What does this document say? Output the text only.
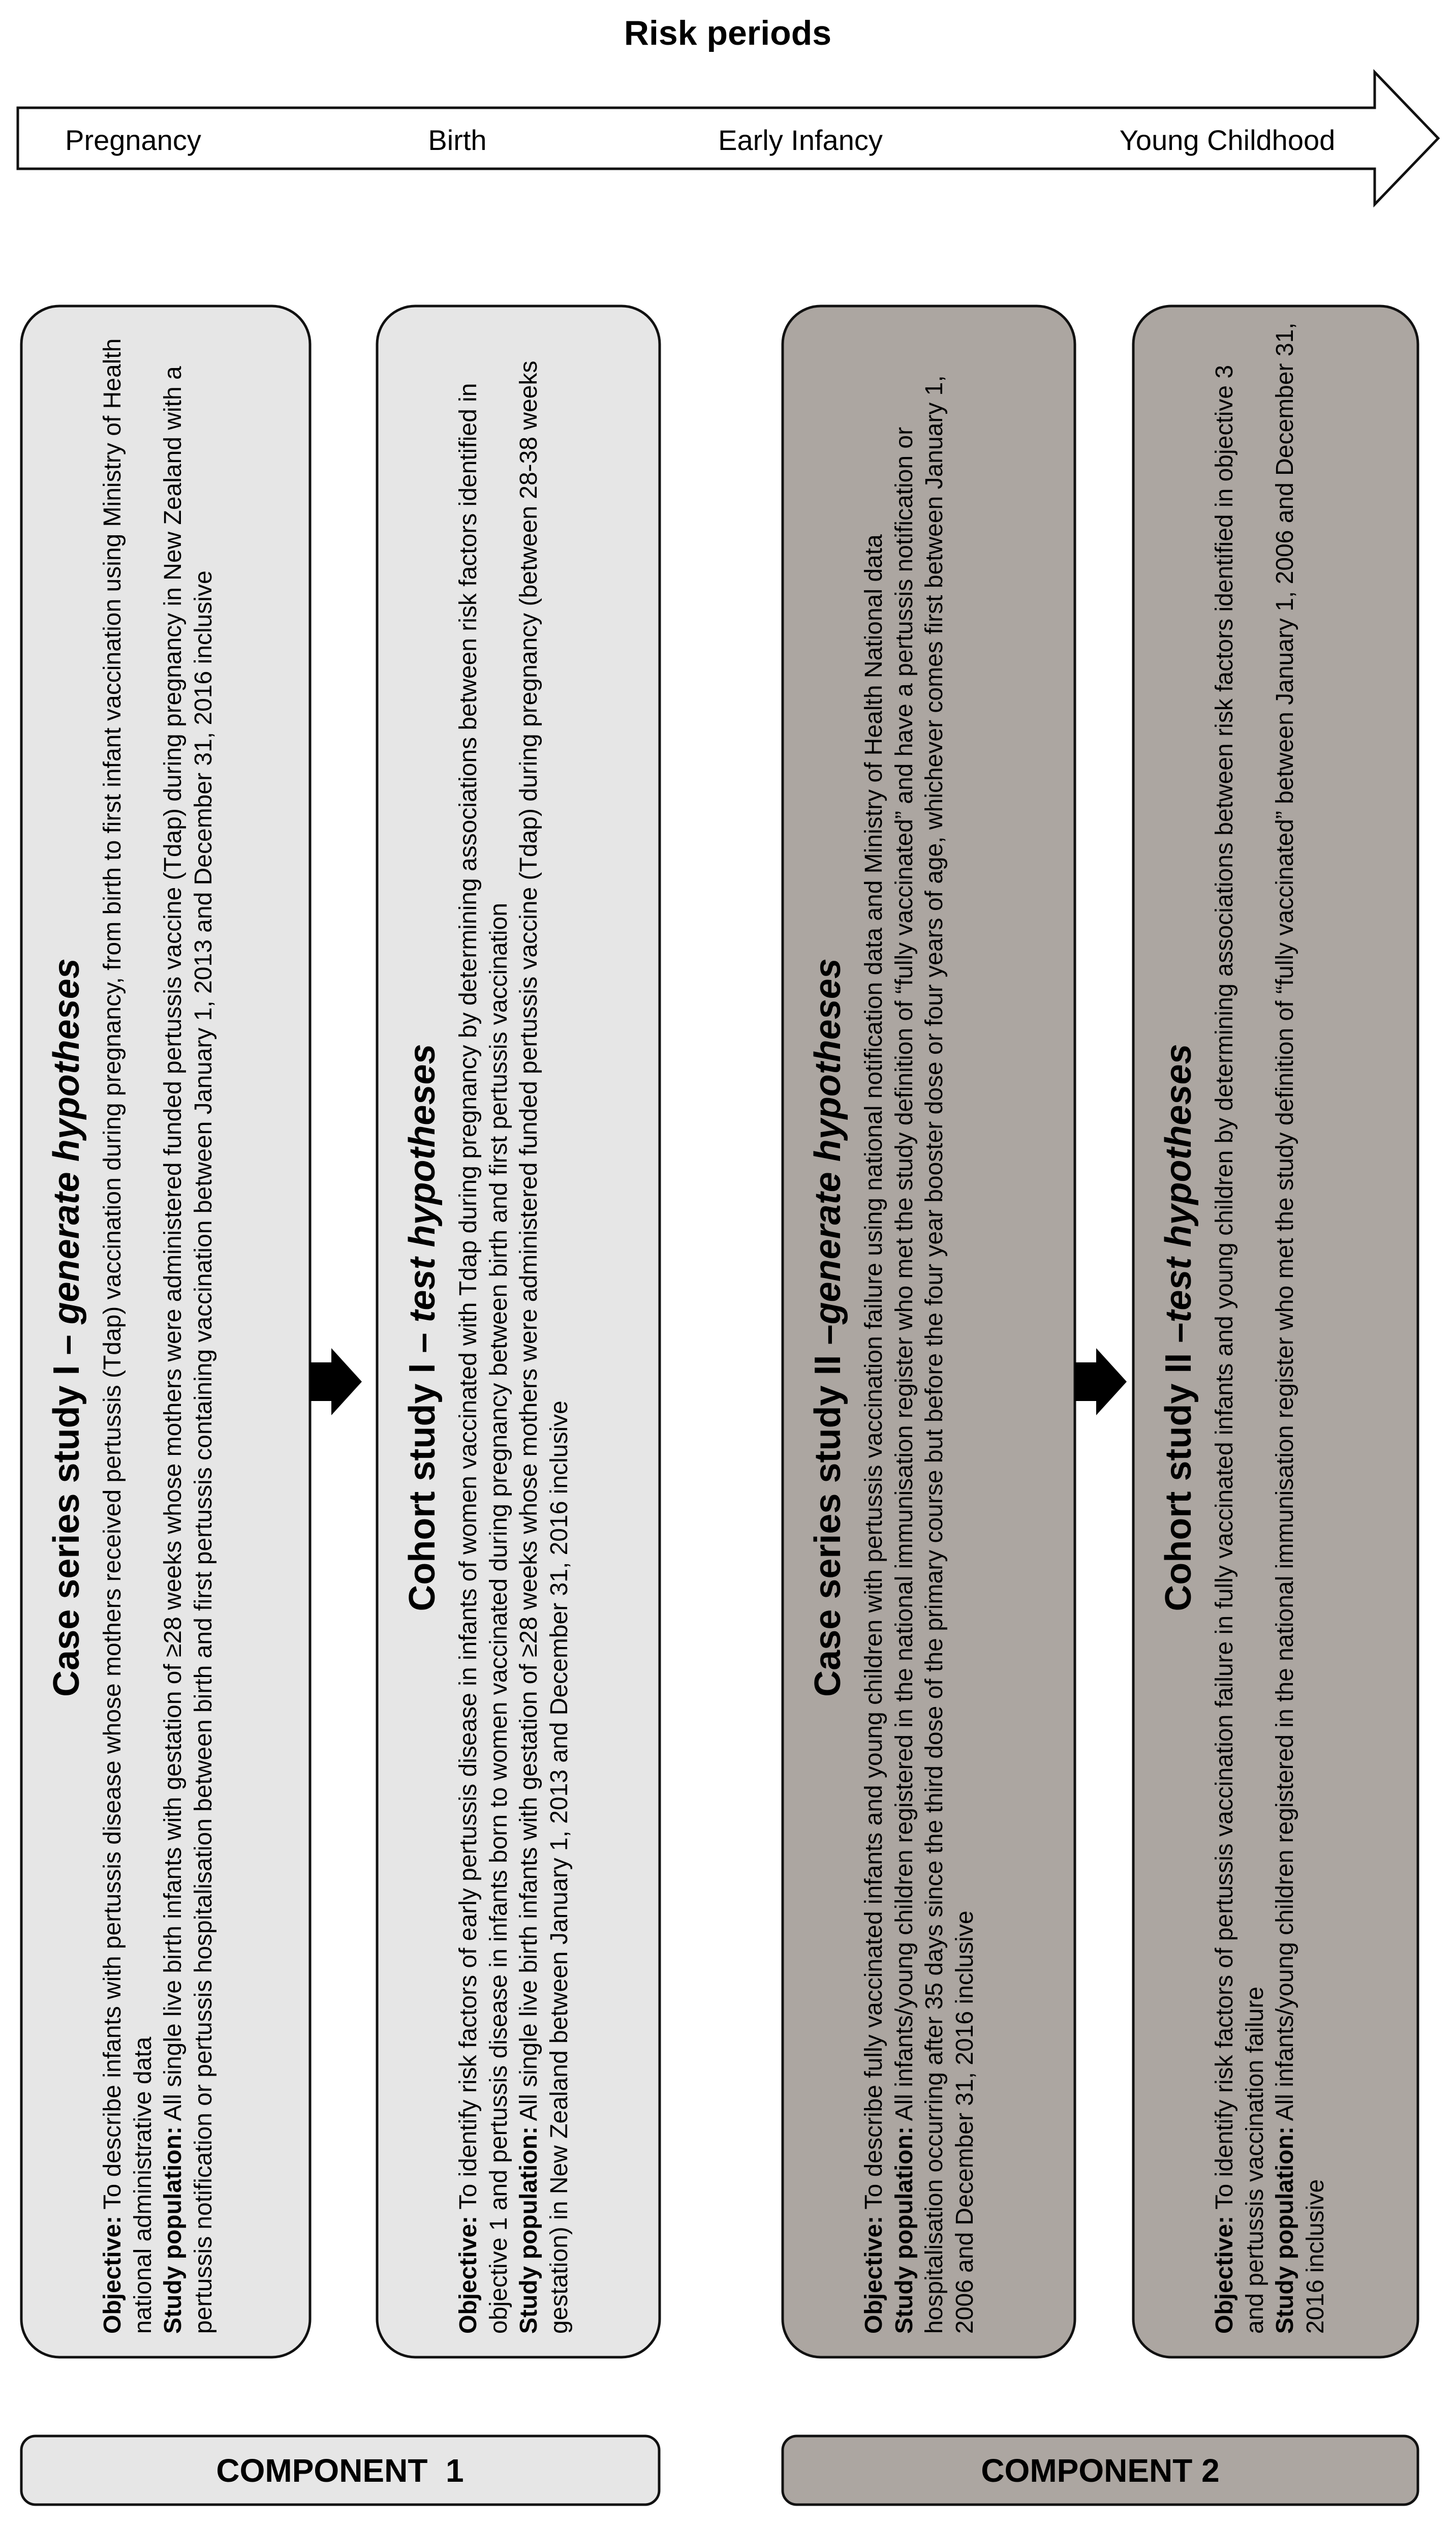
Risk periods
Pregnancy	Birth	Early Infancy	Young Childhood
Case series study I – generate hypotheses
Objective: To describe infants with pertussis disease whose mothers received pertussis (Tdap) vaccination during pregnancy, from birth to first infant vaccination using Ministry of Health national administrative data Study population: All single live birth infants with gestation of ≥28 weeks whose mothers were administered funded pertussis vaccine (Tdap) during pregnancy in New Zealand with a pertussis notification or pertussis hospitalisation between birth and first pertussis containing vaccination between January 1, 2013 and December 31, 2016 inclusive	Cohort study I – test hypotheses
Objective: To identify risk factors of early pertussis disease in infants of women vaccinated with Tdap during pregnancy by determining associations between risk factors identified in objective 1 and pertussis disease in infants born to women vaccinated during pregnancy between birth and first pertussis vaccination Study population: All single live birth infants with gestation of ≥28 weeks whose mothers were administered funded pertussis vaccine (Tdap) during pregnancy (between 28-38 weeks gestation) in New Zealand between January 1, 2013 and December 31, 2016 inclusive	Case series study II –generate hypotheses
Objective: To describe fully vaccinated infants and young children with pertussis vaccination failure using national notification data and Ministry of Health National data
Study population: All infants/young children registered in the national immunisation register who met the study definition of “fully vaccinated” and have a pertussis notification or hospitalisation occurring after 35 days since the third dose of the primary course but before the four year booster dose or four years of age, whichever comes first between January 1, 2006 and December 31, 2016 inclusive
Cohort study II –test hypotheses
Objective: To identify risk factors of pertussis vaccination failure in fully vaccinated infants and young children by determining associations between risk factors identified in objective 3 and pertussis vaccination failure Study population: All infants/young children registered in the national immunisation register who met the study definition of “fully vaccinated” between January 1, 2006 and December 31, 2016 inclusive
COMPONENT  1	COMPONENT 2
